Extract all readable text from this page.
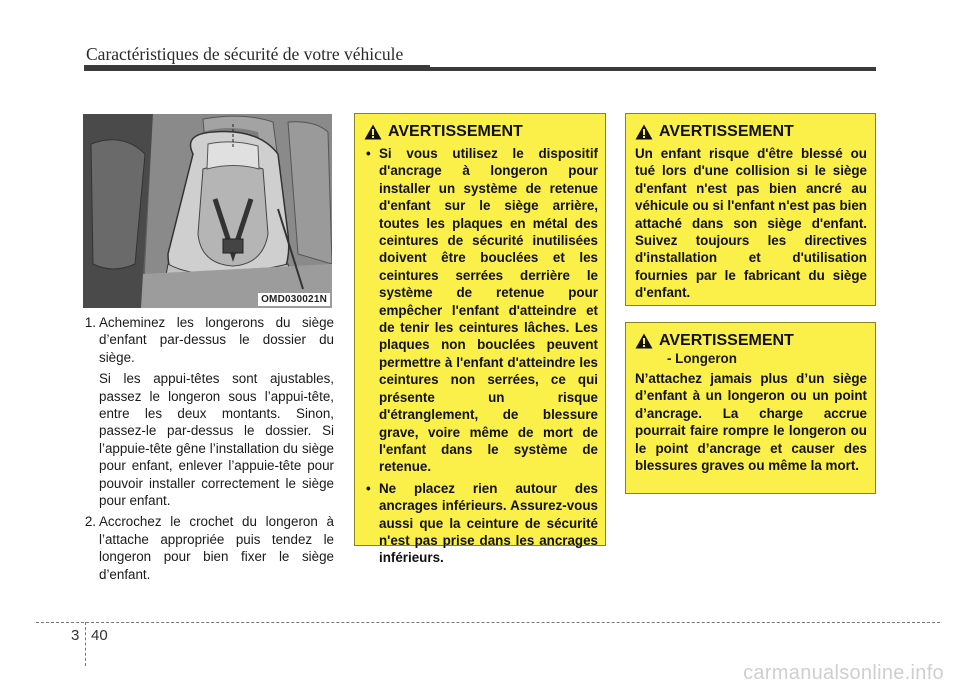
Caractéristiques de sécurité de votre véhicule
OMD030021N
1. Acheminez les longerons du siège d’enfant par-dessus le dossier du siège.

Si les appui-têtes sont ajustables, passez le longeron sous l’appui-tête, entre les deux montants. Sinon, passez-le par-dessus le dossier. Si l’appuie-tête gêne l’installation du siège pour enfant, enlever l’appuie-tête pour pouvoir installer correctement le siège pour enfant.

2. Accrochez le crochet du longeron à l’attache appropriée puis tendez le longeron pour bien fixer le siège d’enfant.

AVERTISSEMENT
• Si vous utilisez le dispositif d'ancrage à longeron pour installer un système de retenue d'enfant sur le siège arrière, toutes les plaques en métal des ceintures de sécurité inutilisées doivent être bouclées et les ceintures serrées derrière le système de retenue pour empêcher l'enfant d'atteindre et de tenir les ceintures lâches. Les plaques non bouclées peuvent permettre à l'enfant d'atteindre les ceintures non serrées, ce qui présente un risque d'étranglement, de blessure grave, voire même de mort de l'enfant dans le système de retenue.
• Ne placez rien autour des ancrages inférieurs. Assurez-vous aussi que la ceinture de sécurité n'est pas prise dans les ancrages inférieurs.
AVERTISSEMENT
Un enfant risque d'être blessé ou tué lors d'une collision si le siège d'enfant n'est pas bien ancré au véhicule ou si l'enfant n'est pas bien attaché dans son siège d'enfant. Suivez toujours les directives d'installation et d'utilisation fournies par le fabricant du siège d'enfant.
AVERTISSEMENT
- Longeron
N’attachez jamais plus d’un siège d’enfant à un longeron ou un point d’ancrage. La charge accrue pourrait faire rompre le longeron ou le point d’ancrage et causer des blessures graves ou même la mort.
3 40
carmanualsonline.info
